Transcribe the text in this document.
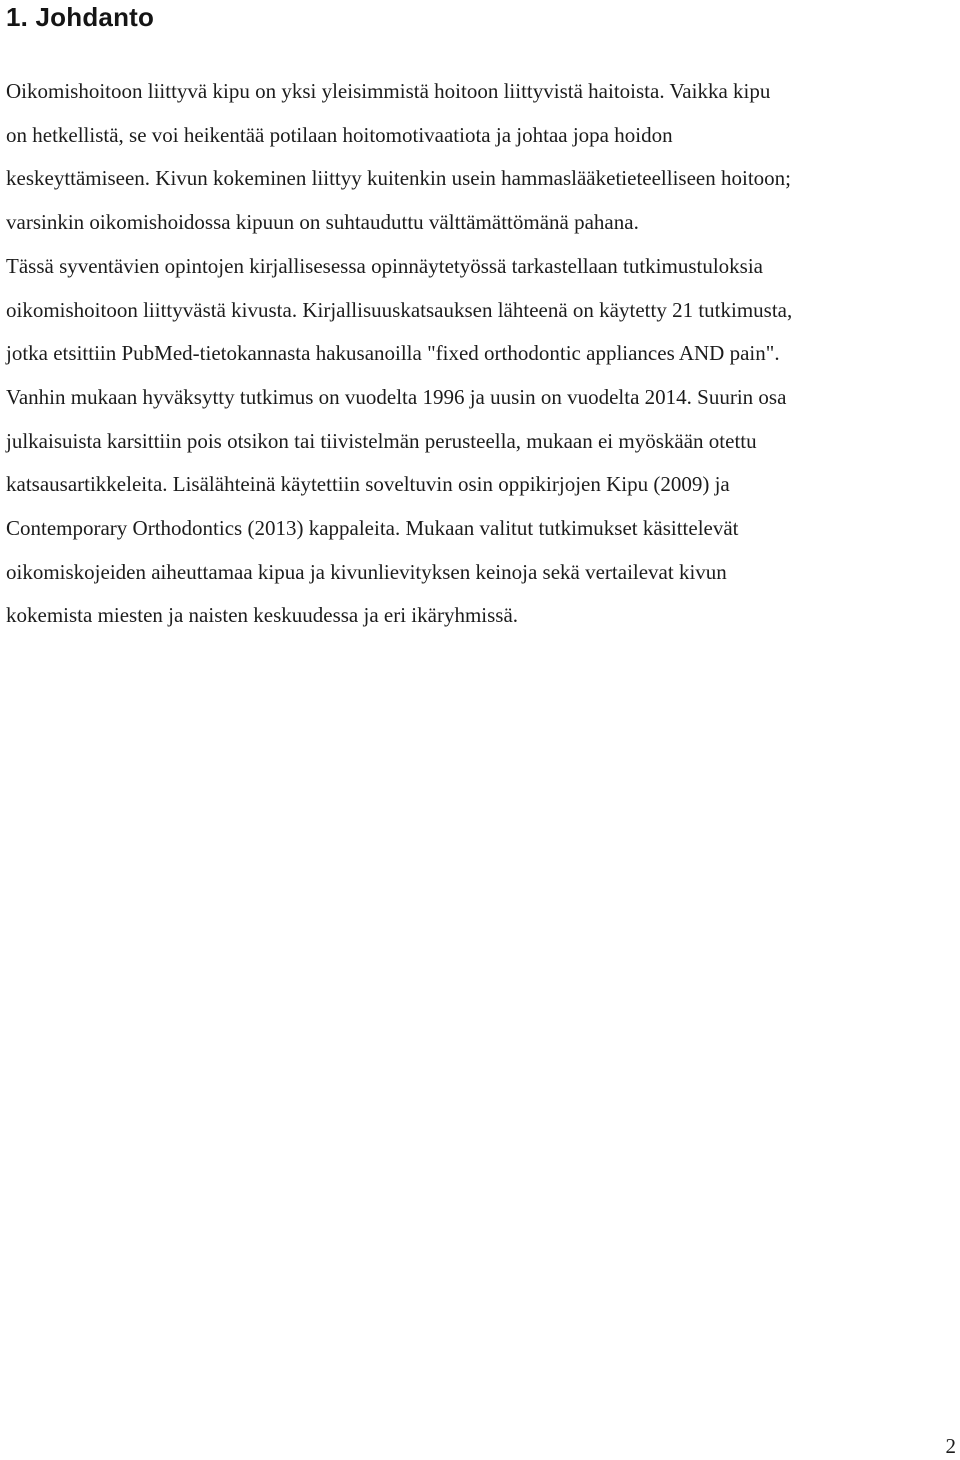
1. Johdanto
Oikomishoitoon liittyvä kipu on yksi yleisimmistä hoitoon liittyvistä haitoista. Vaikka kipu
on hetkellistä, se voi heikentää potilaan hoitomotivaatiota ja johtaa jopa hoidon
keskeyttämiseen. Kivun kokeminen liittyy kuitenkin usein hammaslääketieteelliseen hoitoon;
varsinkin oikomishoidossa kipuun on suhtauduttu välttämättömänä pahana.
Tässä syventävien opintojen kirjallisesessa opinnäytetyössä tarkastellaan tutkimustuloksia
oikomishoitoon liittyvästä kivusta. Kirjallisuuskatsauksen lähteenä on käytetty 21 tutkimusta,
jotka etsittiin PubMed-tietokannasta hakusanoilla "fixed orthodontic appliances AND pain".
Vanhin mukaan hyväksytty tutkimus on vuodelta 1996 ja uusin on vuodelta 2014. Suurin osa
julkaisuista karsittiin pois otsikon tai tiivistelmän perusteella, mukaan ei myöskään otettu
katsausartikkeleita. Lisälähteinä käytettiin soveltuvin osin oppikirjojen Kipu (2009) ja
Contemporary Orthodontics (2013) kappaleita. Mukaan valitut tutkimukset käsittelevät
oikomiskojeiden aiheuttamaa kipua ja kivunlievityksen keinoja sekä vertailevat kivun
kokemista miesten ja naisten keskuudessa ja eri ikäryhmissä.
2
